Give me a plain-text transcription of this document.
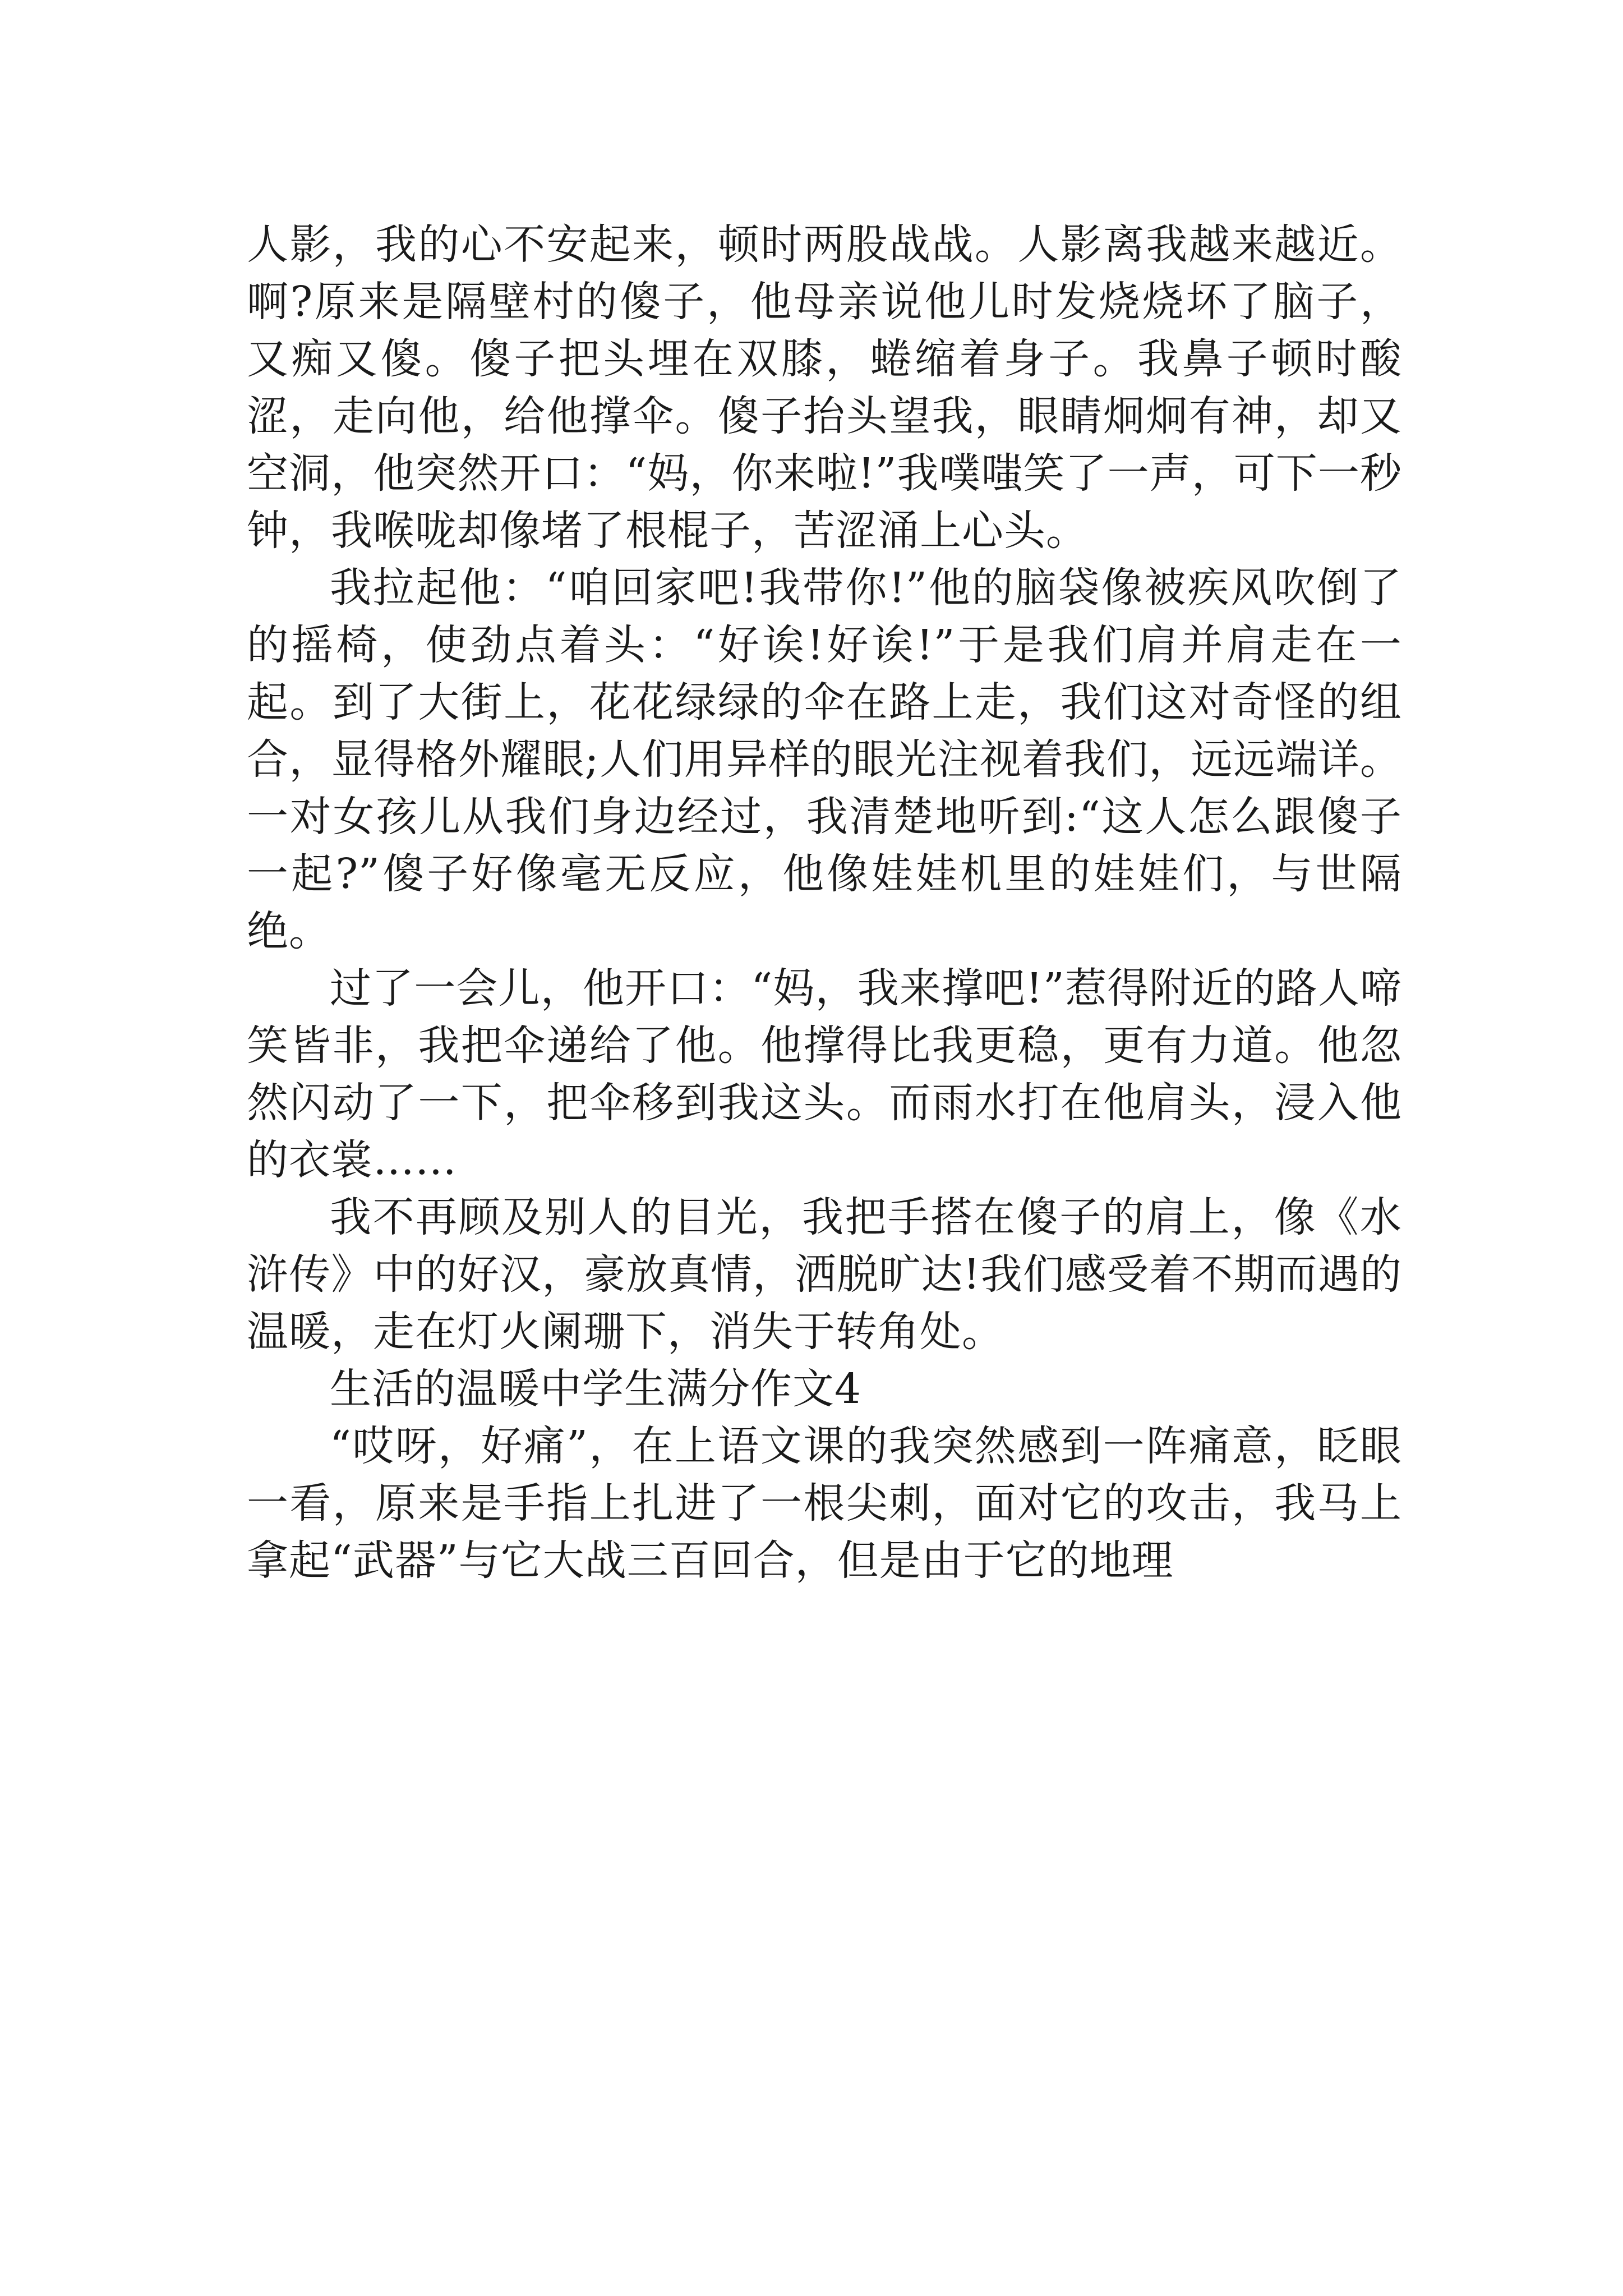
人影，我的心不安起来，顿时两股战战。人影离我越来越近。啊?原来是隔壁村的傻子，他母亲说他儿时发烧烧坏了脑子，又痴又傻。傻子把头埋在双膝，蜷缩着身子。我鼻子顿时酸涩，走向他，给他撑伞。傻子抬头望我，眼睛炯炯有神，却又空洞，他突然开口：“妈，你来啦!”我噗嗤笑了一声，可下一秒钟，我喉咙却像堵了根棍子，苦涩涌上心头。

我拉起他：“咱回家吧!我带你!”他的脑袋像被疾风吹倒了的摇椅，使劲点着头：“好诶!好诶!”于是我们肩并肩走在一起。到了大街上，花花绿绿的伞在路上走，我们这对奇怪的组合，显得格外耀眼;人们用异样的眼光注视着我们，远远端详。一对女孩儿从我们身边经过，我清楚地听到:“这人怎么跟傻子一起?”傻子好像毫无反应，他像娃娃机里的娃娃们，与世隔绝。

过了一会儿，他开口：“妈，我来撑吧!”惹得附近的路人啼笑皆非，我把伞递给了他。他撑得比我更稳，更有力道。他忽然闪动了一下，把伞移到我这头。而雨水打在他肩头，浸入他的衣裳……

我不再顾及别人的目光，我把手搭在傻子的肩上，像《水浒传》中的好汉，豪放真情，洒脱旷达!我们感受着不期而遇的温暖，走在灯火阑珊下，消失于转角处。

生活的温暖中学生满分作文4

“哎呀，好痛”，在上语文课的我突然感到一阵痛意，眨眼一看，原来是手指上扎进了一根尖刺，面对它的攻击，我马上拿起“武器”与它大战三百回合，但是由于它的地理
